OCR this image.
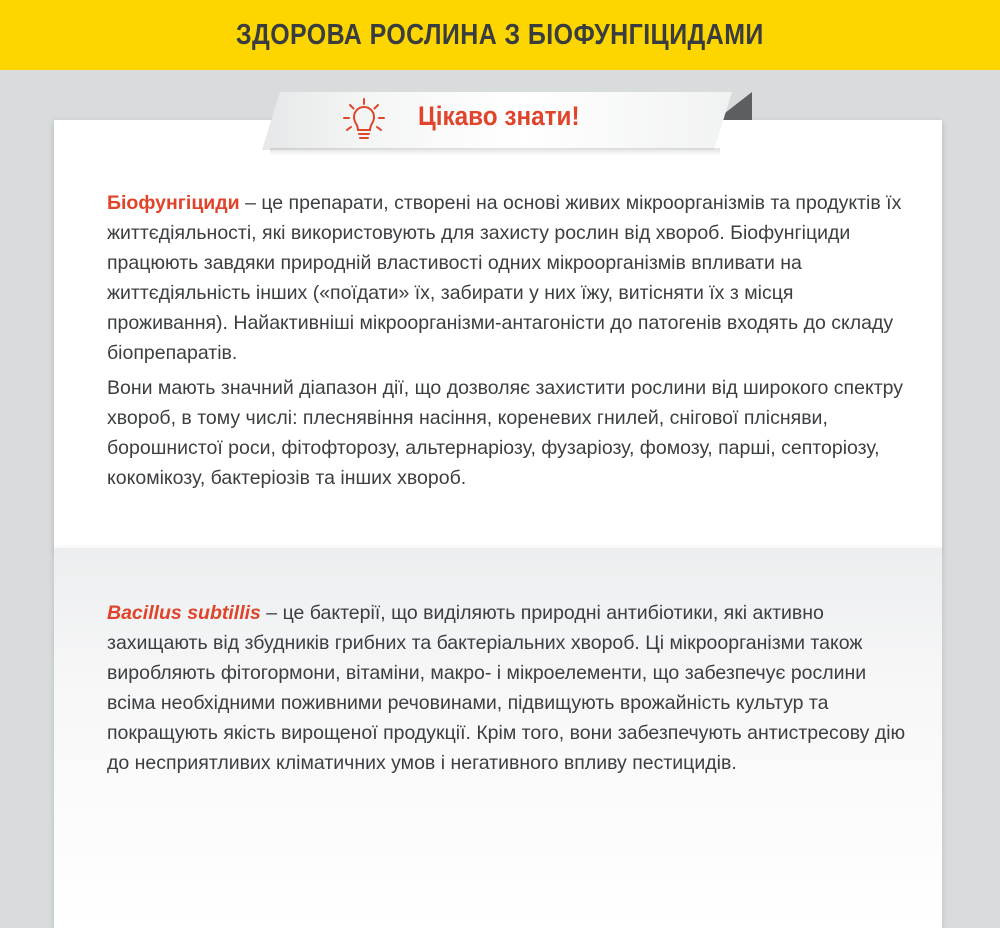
ЗДОРОВА РОСЛИНА З БІОФУНГІЦИДАМИ
Цікаво знати!

Біофунгіциди – це препарати, створені на основі живих мікроорганізмів та продуктів їх життєдіяльності, які використовують для захисту рослин від хвороб. Біофунгіциди працюють завдяки природній властивості одних мікроорганізмів впливати на життєдіяльність інших («поїдати» їх, забирати у них їжу, витісняти їх з місця проживання). Найактивніші мікроорганізми-антагоністи до патогенів входять до складу біопрепаратів.

Вони мають значний діапазон дії, що дозволяє захистити рослини від широкого спектру хвороб, в тому числі: плеснявіння насіння, кореневих гнилей, снігової плісняви, борошнистої роси, фітофторозу, альтернаріозу, фузаріозу, фомозу, парші, септоріозу, кокомікозу, бактеріозів та інших хвороб.

Bacillus subtillis – це бактерії, що виділяють природні антибіотики, які активно захищають від збудників грибних та бактеріальних хвороб. Ці мікроорганізми також виробляють фітогормони, вітаміни, макро- і мікроелементи, що забезпечує рослини всіма необхідними поживними речовинами, підвищують врожайність культур та покращують якість вирощеної продукції. Крім того, вони забезпечують антистресову дію до несприятливих кліматичних умов і негативного впливу пестицидів.
